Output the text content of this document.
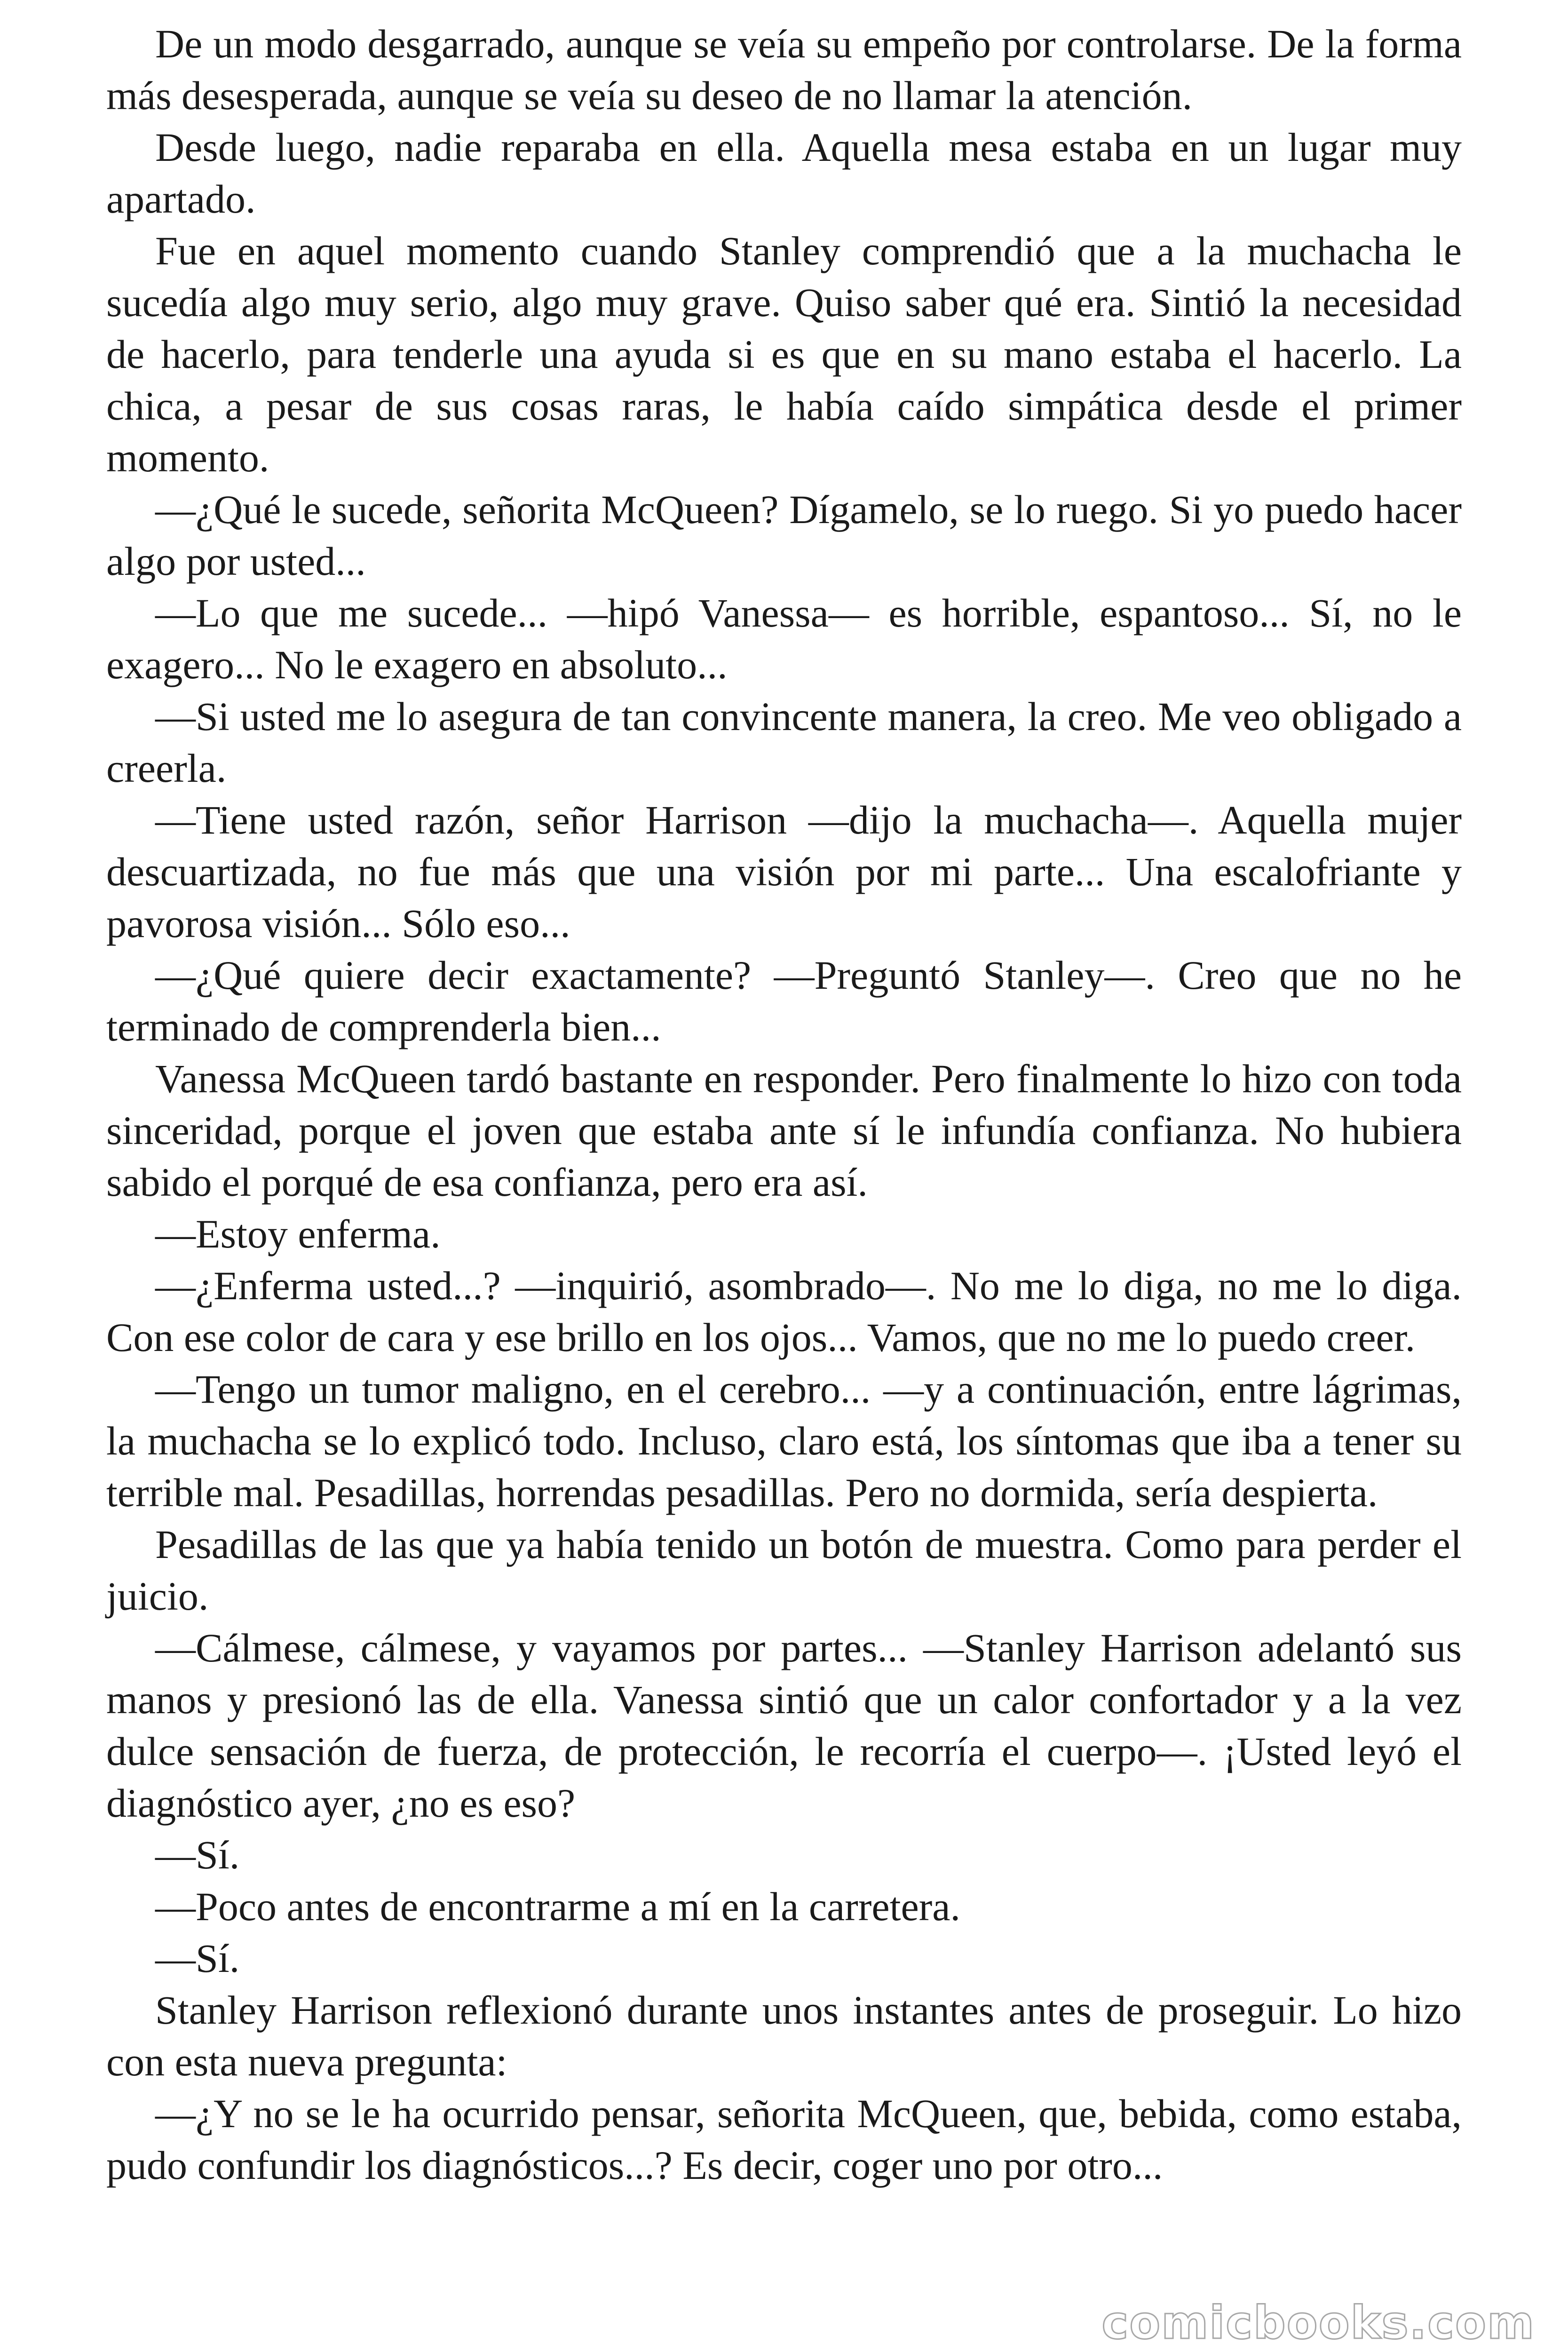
De un modo desgarrado, aunque se veía su empeño por controlarse. De la forma más desesperada, aunque se veía su deseo de no llamar la atención.

Desde luego, nadie reparaba en ella. Aquella mesa estaba en un lugar muy apartado.

Fue en aquel momento cuando Stanley comprendió que a la muchacha le sucedía algo muy serio, algo muy grave. Quiso saber qué era. Sintió la necesidad de hacerlo, para tenderle una ayuda si es que en su mano estaba el hacerlo. La chica, a pesar de sus cosas raras, le había caído simpática desde el primer momento.

—¿Qué le sucede, señorita McQueen? Dígamelo, se lo ruego. Si yo puedo hacer algo por usted...

—Lo que me sucede... —hipó Vanessa— es horrible, espantoso... Sí, no le exagero... No le exagero en absoluto...

—Si usted me lo asegura de tan convincente manera, la creo. Me veo obligado a creerla.

—Tiene usted razón, señor Harrison —dijo la muchacha—. Aquella mujer descuartizada, no fue más que una visión por mi parte... Una escalofriante y pavorosa visión... Sólo eso...

—¿Qué quiere decir exactamente? —Preguntó Stanley—. Creo que no he terminado de comprenderla bien...

Vanessa McQueen tardó bastante en responder. Pero finalmente lo hizo con toda sinceridad, porque el joven que estaba ante sí le infundía confianza. No hubiera sabido el porqué de esa confianza, pero era así.

—Estoy enferma.

—¿Enferma usted...? —inquirió, asombrado—. No me lo diga, no me lo diga. Con ese color de cara y ese brillo en los ojos... Vamos, que no me lo puedo creer.

—Tengo un tumor maligno, en el cerebro... —y a continuación, entre lágrimas, la muchacha se lo explicó todo. Incluso, claro está, los síntomas que iba a tener su terrible mal. Pesadillas, horrendas pesadillas. Pero no dormida, sería despierta.

Pesadillas de las que ya había tenido un botón de muestra. Como para perder el juicio.

—Cálmese, cálmese, y vayamos por partes... —Stanley Harrison adelantó sus manos y presionó las de ella. Vanessa sintió que un calor confortador y a la vez dulce sensación de fuerza, de protección, le recorría el cuerpo—. ¡Usted leyó el diagnóstico ayer, ¿no es eso?

—Sí.

—Poco antes de encontrarme a mí en la carretera.

—Sí.

Stanley Harrison reflexionó durante unos instantes antes de proseguir. Lo hizo con esta nueva pregunta:

—¿Y no se le ha ocurrido pensar, señorita McQueen, que, bebida, como estaba, pudo confundir los diagnósticos...? Es decir, coger uno por otro...

comicbooks.com
